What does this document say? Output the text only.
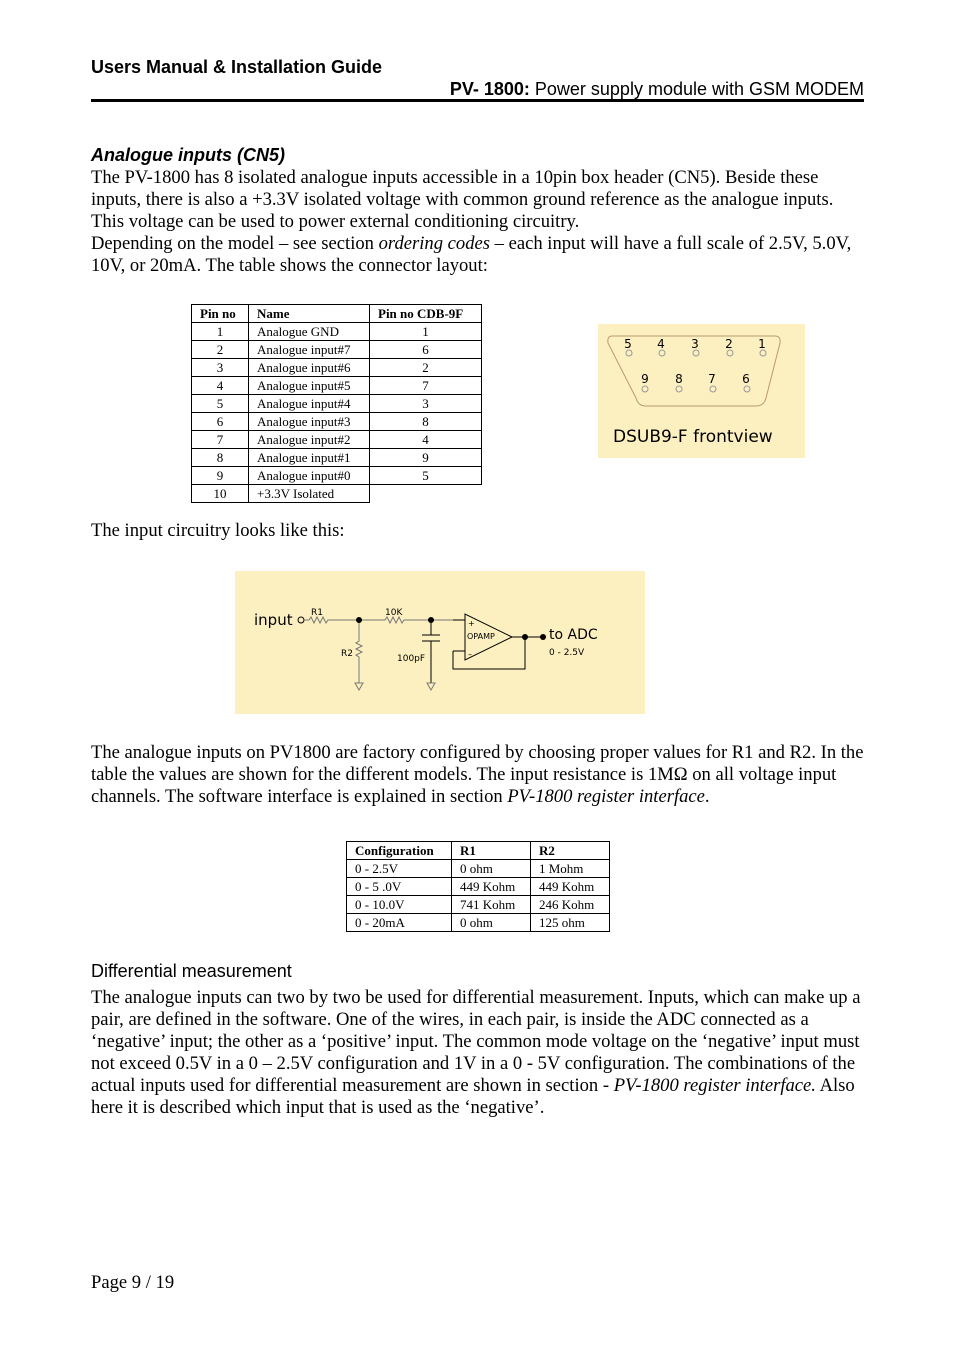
Users Manual & Installation Guide
PV- 1800: Power supply module with GSM MODEM
Analogue inputs (CN5)
The PV-1800 has 8 isolated analogue inputs accessible in a 10pin box header (CN5). Beside these inputs, there is also a +3.3V isolated voltage with common ground reference as the analogue inputs. This voltage can be used to power external conditioning circuitry.
Depending on the model – see section ordering codes – each input will have a full scale of 2.5V, 5.0V, 10V, or 20mA. The table shows the connector layout:
Pin no	Name	Pin no CDB-9F
1	Analogue GND	1
2	Analogue input#7	6
3	Analogue input#6	2
4	Analogue input#5	7
5	Analogue input#4	3
6	Analogue input#3	8
7	Analogue input#2	4
8	Analogue input#1	9
9	Analogue input#0	5
10	+3.3V Isolated	
5 4 3 2 1
9 8 7 6
DSUB9-F frontview
The input circuitry looks like this:
input R1	10K
R2	100pF
OPAMP
+
–
to ADC
0 - 2.5V
The analogue inputs on PV1800 are factory configured by choosing proper values for R1 and R2. In the table the values are shown for the different models. The input resistance is 1MΩ on all voltage input channels. The software interface is explained in section PV-1800 register interface.
Configuration	R1	R2
0 - 2.5V	0 ohm	1 Mohm
0 - 5 .0V	449 Kohm	449 Kohm
0 - 10.0V	741 Kohm	246 Kohm
0 - 20mA	0 ohm	125 ohm
Differential measurement
The analogue inputs can two by two be used for differential measurement. Inputs, which can make up a pair, are defined in the software. One of the wires, in each pair, is inside the ADC connected as a ‘negative’ input; the other as a ‘positive’ input. The common mode voltage on the ‘negative’ input must not exceed 0.5V in a 0 – 2.5V configuration and 1V in a 0 - 5V configuration. The combinations of the actual inputs used for differential measurement are shown in section - PV-1800 register interface. Also here it is described which input that is used as the ‘negative’.
Page 9 / 19
